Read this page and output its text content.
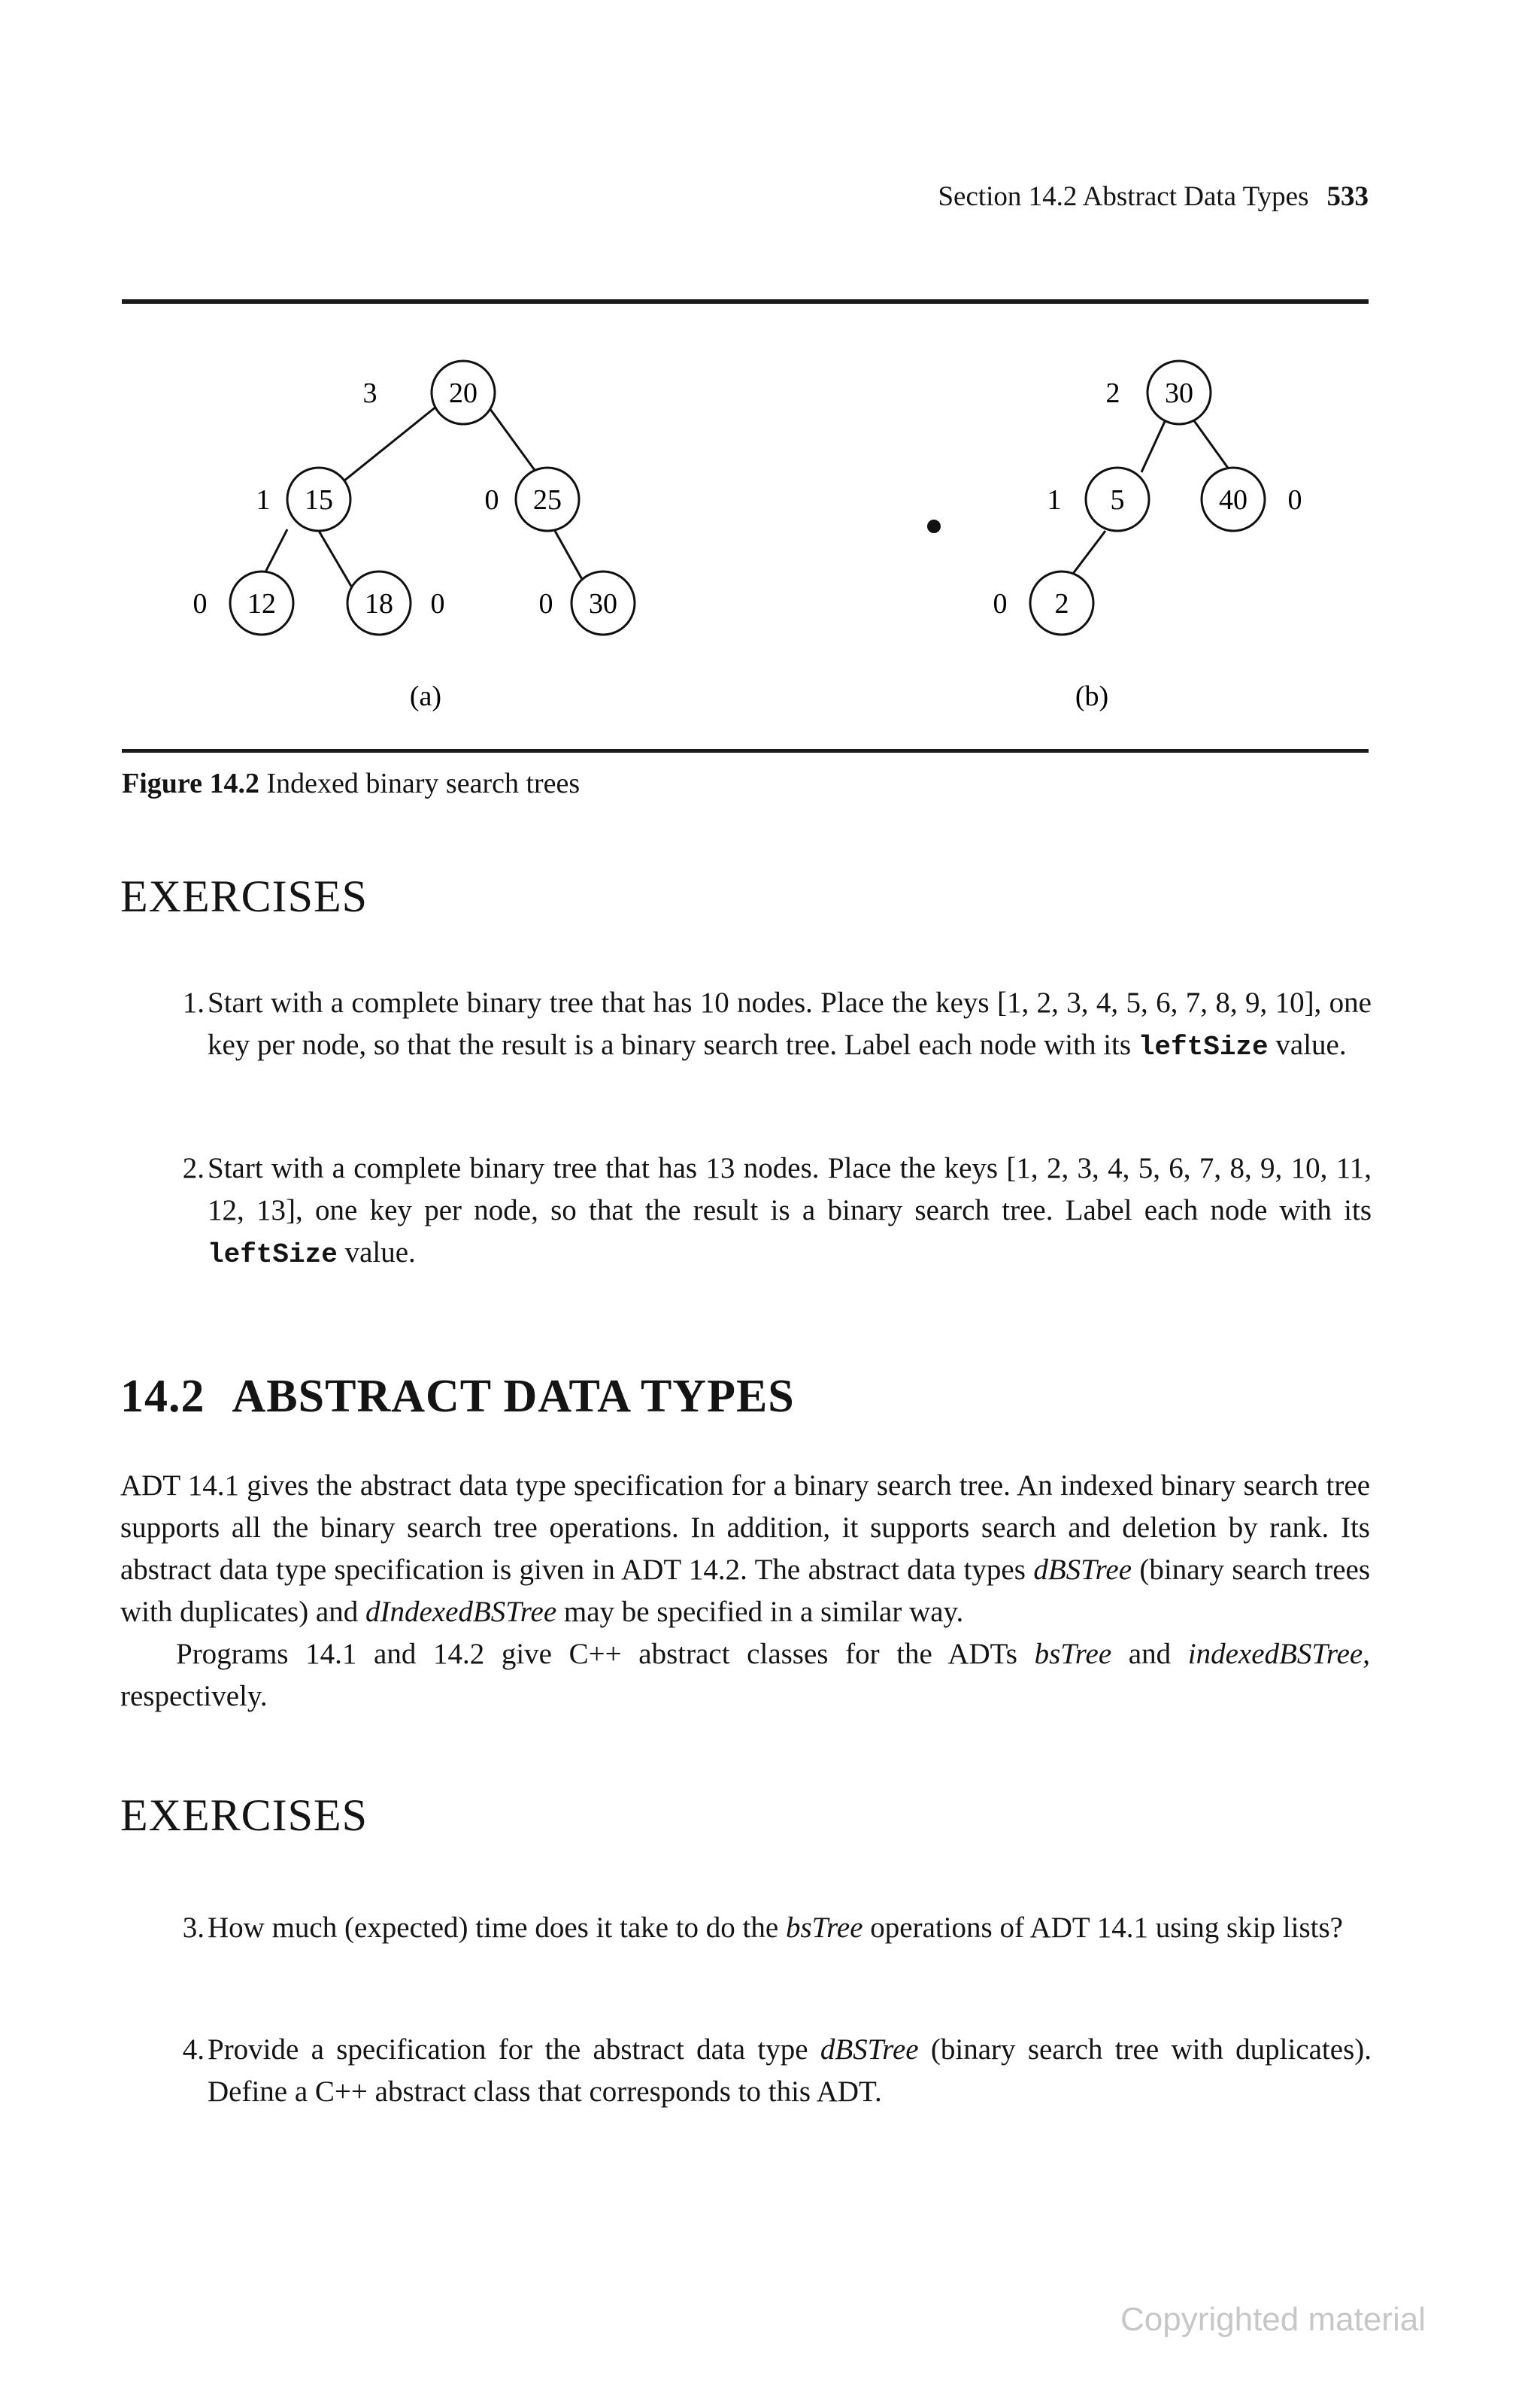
Section 14.2 Abstract Data Types 533
20
3
15
1	25
0
12
0	18 0	30
0
(a)
30
2
5
1	40 0
2
0
(b)
Figure 14.2 Indexed binary search trees
EXERCISES
1. Start with a complete binary tree that has 10 nodes. Place the keys [1, 2, 3, 4, 5, 6, 7, 8, 9, 10], one key per node, so that the result is a binary search tree. Label each node with its leftSize value.
2. Start with a complete binary tree that has 13 nodes. Place the keys [1, 2, 3, 4, 5, 6, 7, 8, 9, 10, 11, 12, 13], one key per node, so that the result is a binary search tree. Label each node with its leftSize value.
14.2 ABSTRACT DATA TYPES

ADT 14.1 gives the abstract data type specification for a binary search tree. An indexed binary search tree supports all the binary search tree operations. In addition, it supports search and deletion by rank. Its abstract data type specification is given in ADT 14.2. The abstract data types dBSTree (binary search trees with duplicates) and dIndexedBSTree may be specified in a similar way.

Programs 14.1 and 14.2 give C++ abstract classes for the ADTs bsTree and indexedBSTree, respectively.

EXERCISES
3. How much (expected) time does it take to do the bsTree operations of ADT 14.1 using skip lists?
4. Provide a specification for the abstract data type dBSTree (binary search tree with duplicates). Define a C++ abstract class that corresponds to this ADT.
Copyrighted material
